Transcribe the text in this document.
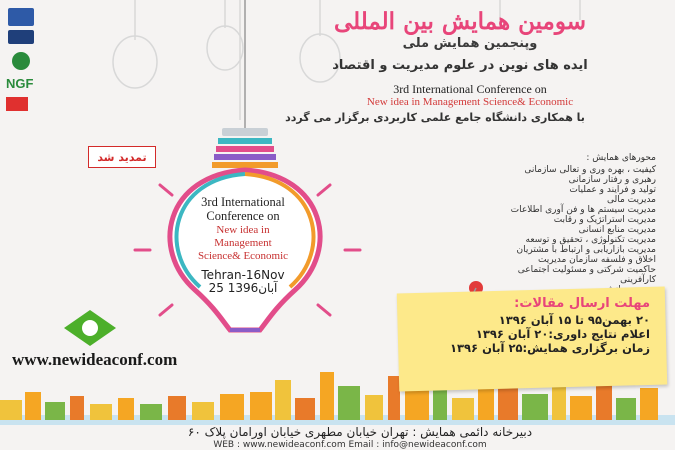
NGF
سومین همایش بین المللی
وپنجمین همایش ملی
ایده های نوین در علوم مدیریت و اقتصاد
3rd International Conference on
New idea in Management Science& Economic
با همکاری دانشگاه جامع علمی کاربردی برگزار می گردد
تمدید شد	محورهای همایش :
کیفیت ، بهره وری و تعالی سازمانی
رهبری و رفتار سازمانی
تولید و فرایند و عملیات
مدیریت مالی
مدیریت سیستم ها و فن آوری اطلاعات
مدیریت استراتژیک و رقابت
مدیریت منابع انسانی
مدیریت تکنولوژی ، تحقیق و توسعه
مدیریت بازاریابی و ارتباط با مشتریان
اخلاق و فلسفه سازمان مدیریت
حاکمیت شرکتی و مسئولیت اجتماعی
کارآفرینی
3rd International
Conference on
New idea in
Management
Science& Economic
Tehran-16Nov
25 آبان1396
مهلت ارسال مقالات:
۲۰ بهمن۹۵ تا ۱۵ آبان ۱۳۹۶
اعلام نتایج داوری:۲۰ آبان ۱۳۹۶
زمان برگزاری همایش:۲۵ آبان ۱۳۹۶
www.newideaconf.com
دبیرخانه دائمی همایش : تهران خیابان مطهری خیابان اورامان پلاک ۶۰
WEB : www.newideaconf.com Email : info@newideaconf.com
